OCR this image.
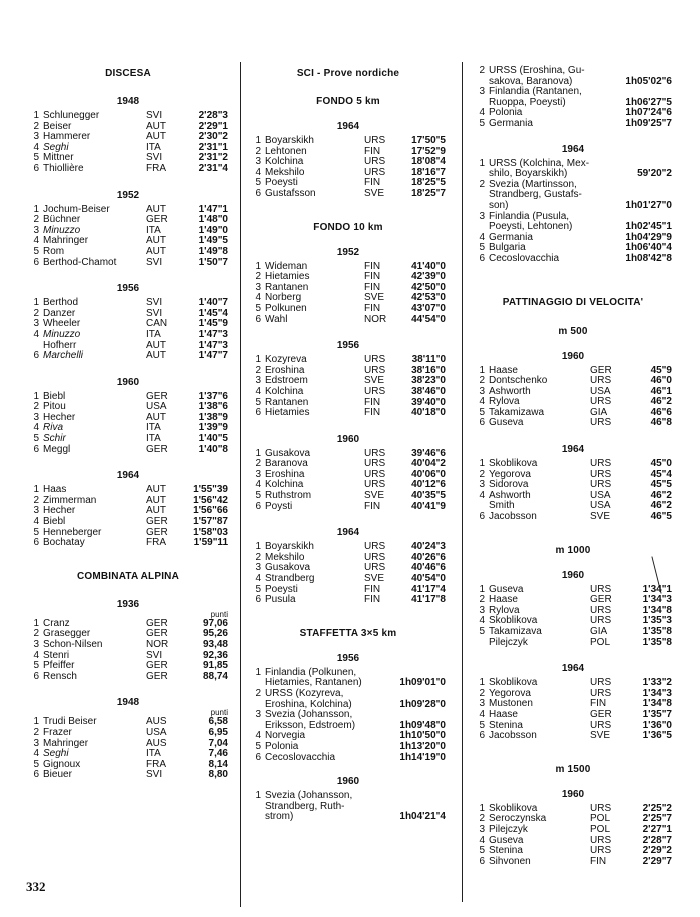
DISCESA
1948
1 Schlunegger	SVI	2'28"3
2 Beiser	AUT	2'29"1
3 Hammerer	AUT	2'30"2
4 Seghi	ITA	2'31"1
5 Mittner	SVI	2'31"2
6 Thiollière	FRA	2'31"4
1952
1 Jochum-Beiser	AUT	1'47"1
2 Büchner	GER	1'48"0
3 Minuzzo	ITA	1'49"0
4 Mahringer	AUT	1'49"5
5 Rom	AUT	1'49"8
6 Berthod-Chamot	SVI	1'50"7
1956
1 Berthod	SVI	1'40"7
2 Danzer	SVI	1'45"4
3 Wheeler	CAN	1'45"9
4 Minuzzo	ITA	1'47"3
Hofherr	AUT	1'47"3
6 Marchelli	AUT	1'47"7
1960
1 Biebl	GER	1'37"6
2 Pitou	USA	1'38"6
3 Hecher	AUT	1'38"9
4 Riva	ITA	1'39"9
5 Schir	ITA	1'40"5
6 Meggl	GER	1'40"8
1964
1 Haas	AUT	1'55"39
2 Zimmerman	AUT	1'56"42
3 Hecher	AUT	1'56"66
4 Biebl	GER	1'57"87
5 Henneberger	GER	1'58"03
6 Bochatay	FRA	1'59"11
COMBINATA ALPINA
1936
punti
1 Cranz	GER	97,06
2 Grasegger	GER	95,26
3 Schon-Nilsen	NOR	93,48
4 Stenri	SVI	92,36
5 Pfeiffer	GER	91,85
6 Rensch	GER	88,74
1948
punti
1 Trudi Beiser	AUS	6,58
2 Frazer	USA	6,95
3 Mahringer	AUS	7,04
4 Seghi	ITA	7,46
5 Gignoux	FRA	8,14
6 Bieuer	SVI	8,80
SCI - Prove nordiche
FONDO 5 km
1964
1 Boyarskikh	URS	17'50"5
2 Lehtonen	FIN	17'52"9
3 Kolchina	URS	18'08"4
4 Mekshilo	URS	18'16"7
5 Poeysti	FIN	18'25"5
6 Gustafsson	SVE	18'25"7
FONDO 10 km
1952
1 Wideman	FIN	41'40"0
2 Hietamies	FIN	42'39"0
3 Rantanen	FIN	42'50"0
4 Norberg	SVE	42'53"0
5 Polkunen	FIN	43'07"0
6 Wahl	NOR	44'54"0
1956
1 Kozyreva	URS	38'11"0
2 Eroshina	URS	38'16"0
3 Edstroem	SVE	38'23"0
4 Kolchina	URS	38'46"0
5 Rantanen	FIN	39'40"0
6 Hietamies	FIN	40'18"0
1960
1 Gusakova	URS	39'46"6
2 Baranova	URS	40'04"2
3 Eroshina	URS	40'06"0
4 Kolchina	URS	40'12"6
5 Ruthstrom	SVE	40'35"5
6 Poysti	FIN	40'41"9
1964
1 Boyarskikh	URS	40'24"3
2 Mekshilo	URS	40'26"6
3 Gusakova	URS	40'46"6
4 Strandberg	SVE	40'54"0
5 Poeysti	FIN	41'17"4
6 Pusula	FIN	41'17"8
STAFFETTA 3×5 km
1956
1 Finlandia (Polkunen,
Hietamies, Rantanen)	1h09'01"0
2 URSS (Kozyreva,
Eroshina, Kolchina)	1h09'28"0
3 Svezia (Johansson,
Eriksson, Edstroem)	1h09'48"0
4 Norvegia	1h10'50"0
5 Polonia	1h13'20"0
6 Cecoslovacchia	1h14'19"0
1960
1 Svezia (Johansson,
Strandberg, Ruth-
strom)	1h04'21"4
2 URSS (Eroshina, Gu-
sakova, Baranova)	1h05'02"6
3 Finlandia (Rantanen,
Ruoppa, Poeysti)	1h06'27"5
4 Polonia	1h07'24"6
5 Germania	1h09'25"7
1964
1 URSS (Kolchina, Mex-
shilo, Boyarskikh)	59'20"2
2 Svezia (Martinsson,
Strandberg, Gustafs-
son)	1h01'27"0
3 Finlandia (Pusula,
Poeysti, Lehtonen)	1h02'45"1
4 Germania	1h04'29"9
5 Bulgaria	1h06'40"4
6 Cecoslovacchia	1h08'42"8
PATTINAGGIO DI VELOCITA'
m 500
1960
1 Haase	GER	45"9
2 Dontschenko	URS	46"0
3 Ashworth	USA	46"1
4 Rylova	URS	46"2
5 Takamizawa	GIA	46"6
6 Guseva	URS	46"8
1964
1 Skoblikova	URS	45"0
2 Yegorova	URS	45"4
3 Sidorova	URS	45"5
4 Ashworth	USA	46"2
Smith	USA	46"2
6 Jacobsson	SVE	46"5
m 1000
1960
1 Guseva	URS	1'34"1
2 Haase	GER	1'34"3
3 Rylova	URS	1'34"8
4 Skoblikova	URS	1'35"3
5 Takamizava	GIA	1'35"8
Pilejczyk	POL	1'35"8
1964
1 Skoblikova	URS	1'33"2
2 Yegorova	URS	1'34"3
3 Mustonen	FIN	1'34"8
4 Haase	GER	1'35"7
5 Stenina	URS	1'36"0
6 Jacobsson	SVE	1'36"5
m 1500
1960
1 Skoblikova	URS	2'25"2
2 Seroczynska	POL	2'25"7
3 Pilejczyk	POL	2'27"1
4 Guseva	URS	2'28"7
5 Stenina	URS	2'29"2
6 Sihvonen	FIN	2'29"7
332
